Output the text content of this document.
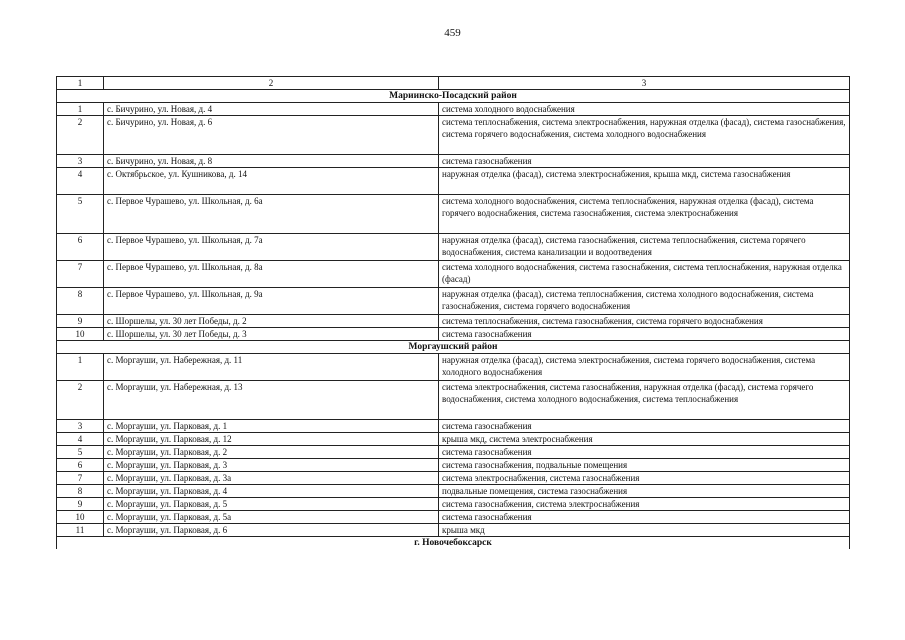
459
1	2	3
Мариинско-Посадский район		
1	с. Бичурино, ул. Новая, д. 4	система холодного водоснабжения
2	с. Бичурино, ул. Новая, д. 6	система теплоснабжения, система электроснабжения, наружная отделка (фасад), система газоснабжения, система горячего водоснабжения, система холодного водоснабжения
3	с. Бичурино, ул. Новая, д. 8	система газоснабжения
4	с. Октябрьское, ул. Кушникова, д. 14	наружная отделка (фасад), система электроснабжения, крыша мкд, система газоснабжения
5	с. Первое Чурашево, ул. Школьная, д. 6а	система холодного водоснабжения, система теплоснабжения, наружная отделка (фасад), система горячего водоснабжения, система газоснабжения, система электроснабжения
6	с. Первое Чурашево, ул. Школьная, д. 7а	наружная отделка (фасад), система газоснабжения, система теплоснабжения, система горячего водоснабжения, система канализации и водоотведения
7	с. Первое Чурашево, ул. Школьная, д. 8а	система холодного водоснабжения, система газоснабжения, система теплоснабжения, наружная отделка (фасад)
8	с. Первое Чурашево, ул. Школьная, д. 9а	наружная отделка (фасад), система теплоснабжения, система холодного водоснабжения, система газоснабжения, система горячего водоснабжения
9	с. Шоршелы, ул. 30 лет Победы, д. 2	система теплоснабжения, система газоснабжения, система горячего водоснабжения
10	с. Шоршелы, ул. 30 лет Победы, д. 3	система газоснабжения
Моргаушский район		
1	с. Моргауши, ул. Набережная, д. 11	наружная отделка (фасад), система электроснабжения, система горячего водоснабжения, система холодного водоснабжения
2	с. Моргауши, ул. Набережная, д. 13	система электроснабжения, система газоснабжения, наружная отделка (фасад), система горячего водоснабжения, система холодного водоснабжения, система теплоснабжения
3	с. Моргауши, ул. Парковая, д. 1	система газоснабжения
4	с. Моргауши, ул. Парковая, д. 12	крыша мкд, система электроснабжения
5	с. Моргауши, ул. Парковая, д. 2	система газоснабжения
6	с. Моргауши, ул. Парковая, д. 3	система газоснабжения, подвальные помещения
7	с. Моргауши, ул. Парковая, д. 3а	система электроснабжения, система газоснабжения
8	с. Моргауши, ул. Парковая, д. 4	подвальные помещения, система газоснабжения
9	с. Моргауши, ул. Парковая, д. 5	система газоснабжения, система электроснабжения
10	с. Моргауши, ул. Парковая, д. 5а	система газоснабжения
11	с. Моргауши, ул. Парковая, д. 6	крыша мкд
г. Новочебоксарск		
